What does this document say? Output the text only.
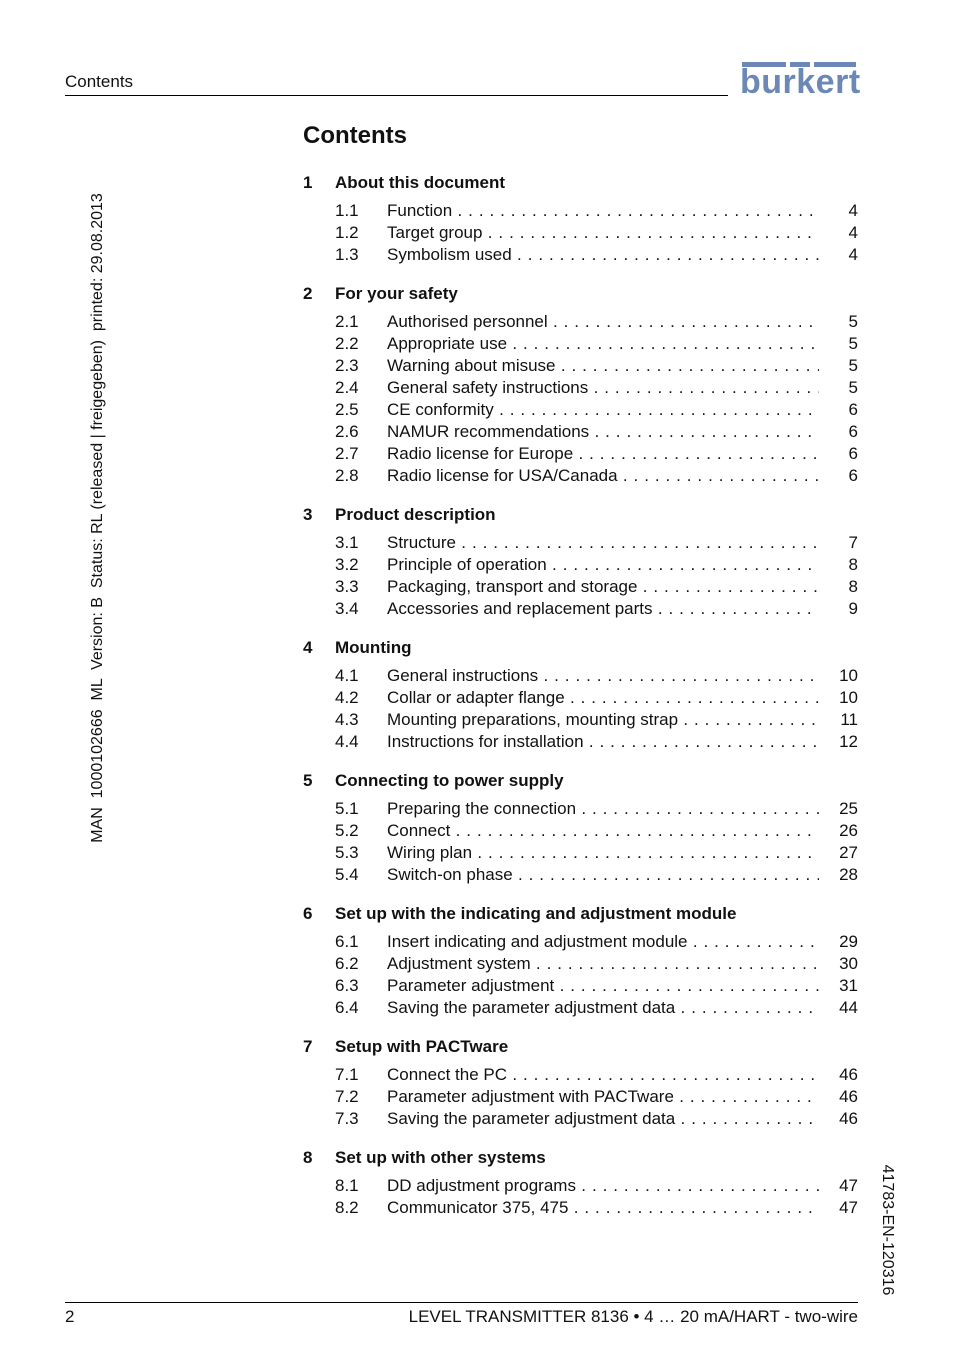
Contents	burkert
MAN  1000102666  ML  Version: B  Status: RL (released | freigegeben)  printed: 29.08.2013
41783-EN-120316
Contents
1	About this document
1.1 Function . . .	4
1.2 Target group . . .	4
1.3 Symbolism used . . .	4
2	For your safety
2.1 Authorised personnel . . .	5
2.2 Appropriate use . . .	5
2.3 Warning about misuse . . .	5
2.4 General safety instructions . . .	5
2.5 CE conformity . . .	6
2.6 NAMUR recommendations . . .	6
2.7 Radio license for Europe . . .	6
2.8 Radio license for USA/Canada . . .	6
3	Product description
3.1 Structure . . .	7
3.2 Principle of operation . . .	8
3.3 Packaging, transport and storage . . .	8
3.4 Accessories and replacement parts . . .	9
4	Mounting
4.1 General instructions . . .	10
4.2 Collar or adapter flange . . .	10
4.3 Mounting preparations, mounting strap . . .	11
4.4 Instructions for installation . . .	12
5	Connecting to power supply
5.1 Preparing the connection . . .	25
5.2 Connect . . .	26
5.3 Wiring plan . . .	27
5.4 Switch-on phase . . .	28
6	Set up with the indicating and adjustment module
6.1 Insert indicating and adjustment module . . .	29
6.2 Adjustment system . . .	30
6.3 Parameter adjustment . . .	31
6.4 Saving the parameter adjustment data . . .	44
7	Setup with PACTware
7.1 Connect the PC . . .	46
7.2 Parameter adjustment with PACTware . . .	46
7.3 Saving the parameter adjustment data . . .	46
8	Set up with other systems
8.1 DD adjustment programs . . .	47
8.2 Communicator 375, 475 . . .	47
2	LEVEL TRANSMITTER 8136 • 4 … 20 mA/HART - two-wire
